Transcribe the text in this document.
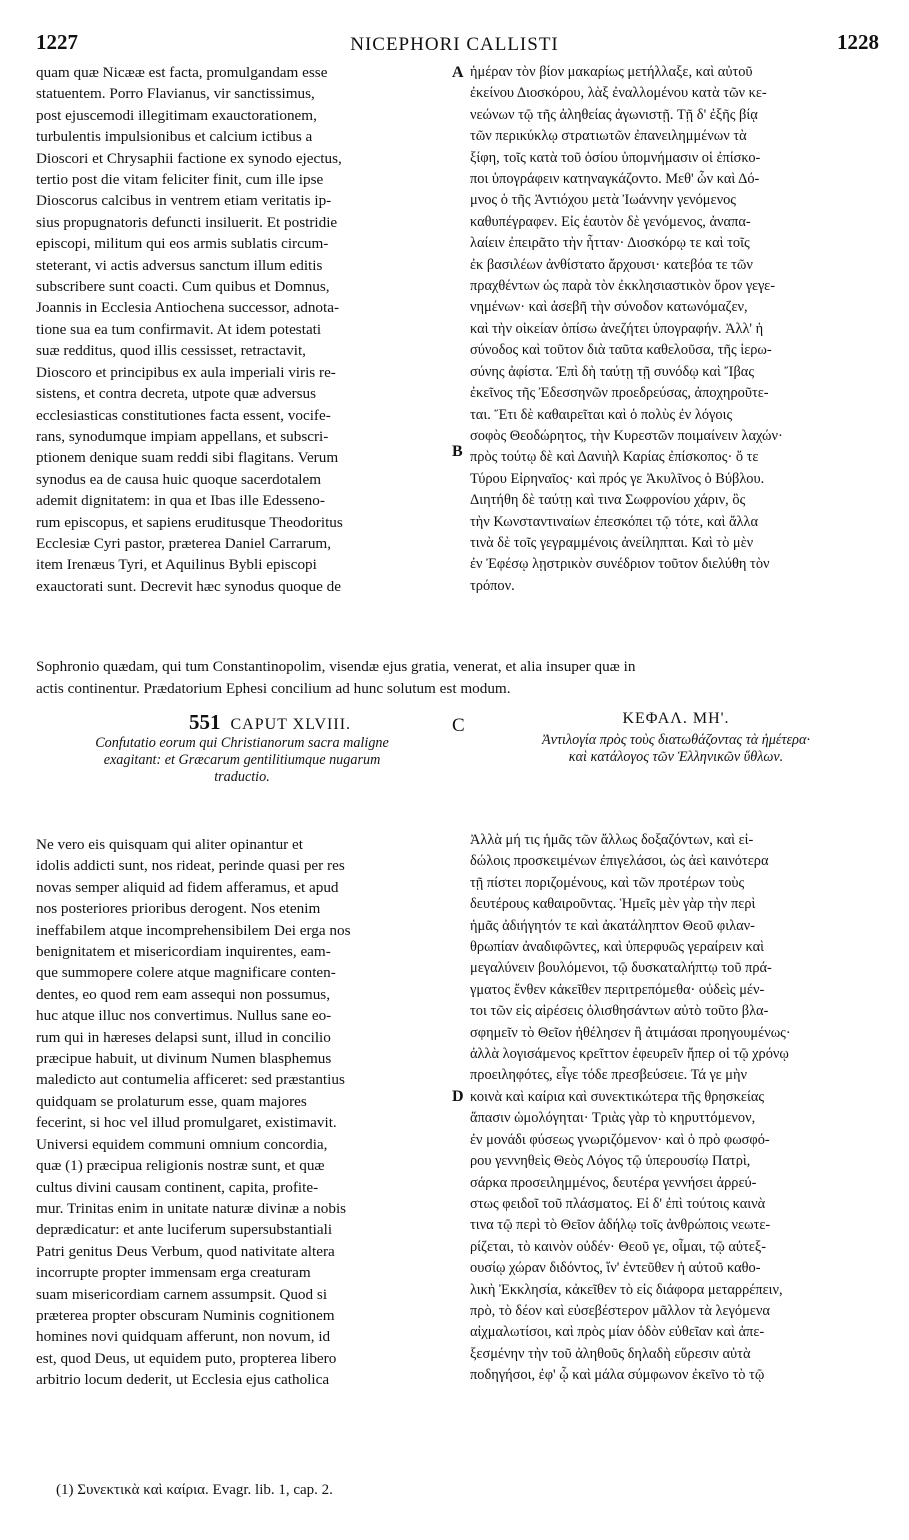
1227	NICEPHORI CALLISTI	1228
A
B
C
D
quam quæ Nicææ est facta, promulgandam esse
statuentem. Porro Flavianus, vir sanctissimus,
post ejuscemodi illegitimam exauctorationem,
turbulentis impulsionibus et calcium ictibus a
Dioscori et Chrysaphii factione ex synodo ejectus,
tertio post die vitam feliciter finit, cum ille ipse
Dioscorus calcibus in ventrem etiam veritatis ip-
sius propugnatoris defuncti insiluerit. Et postridie
episcopi, militum qui eos armis sublatis circum-
steterant, vi actis adversus sanctum illum editis
subscribere sunt coacti. Cum quibus et Domnus,
Joannis in Ecclesia Antiochena successor, adnota-
tione sua ea tum confirmavit. At idem potestati
suæ redditus, quod illis cessisset, retractavit,
Dioscoro et principibus ex aula imperiali viris re-
sistens, et contra decreta, utpote quæ adversus
ecclesiasticas constitutiones facta essent, vocife-
rans, synodumque impiam appellans, et subscri-
ptionem denique suam reddi sibi flagitans. Verum
synodus ea de causa huic quoque sacerdotalem
ademit dignitatem: in qua et Ibas ille Edesseno-
rum episcopus, et sapiens eruditusque Theodoritus
Ecclesiæ Cyri pastor, præterea Daniel Carrarum,
item Irenæus Tyri, et Aquilinus Bybli episcopi
exauctorati sunt. Decrevit hæc synodus quoque de
ἡμέραν τὸν βίον μακαρίως μετήλλαξε, καὶ αὐτοῦ
ἐκείνου Διοσκόρου, λὰξ ἐναλλομένου κατὰ τῶν κε-
νεώνων τῷ τῆς ἀληθείας ἀγωνιστῇ. Τῇ δ' ἐξῆς βίᾳ
τῶν περικύκλῳ στρατιωτῶν ἐπανειλημμένων τὰ
ξίφη, τοῖς κατὰ τοῦ ὁσίου ὑπομνήμασιν οἱ ἐπίσκο-
ποι ὑπογράφειν κατηναγκάζοντο. Μεθ' ὧν καὶ Δό-
μνος ὁ τῆς Ἀντιόχου μετὰ Ἰωάννην γενόμενος
καθυπέγραφεν. Εἰς ἑαυτὸν δὲ γενόμενος, ἀναπα-
λαίειν ἐπειρᾶτο τὴν ἧτταν· Διοσκόρῳ τε καὶ τοῖς
ἐκ βασιλέων ἀνθίστατο ἄρχουσι· κατεβόα τε τῶν
πραχθέντων ὡς παρὰ τὸν ἐκκλησιαστικὸν ὅρον γεγε-
νημένων· καὶ ἀσεβῆ τὴν σύνοδον κατωνόμαζεν,
καὶ τὴν οἰκείαν ὀπίσω ἀνεζήτει ὑπογραφήν. Ἀλλ' ἡ
σύνοδος καὶ τοῦτον διὰ ταῦτα καθελοῦσα, τῆς ἱερω-
σύνης ἀφίστα. Ἐπὶ δὴ ταύτῃ τῇ συνόδῳ καὶ Ἴβας
ἐκεῖνος τῆς Ἐδεσσηνῶν προεδρεύσας, ἀποχηροῦτε-
ται. Ἔτι δὲ καθαιρεῖται καὶ ὁ πολὺς ἐν λόγοις
σοφὸς Θεοδώρητος, τὴν Κυρεστῶν ποιμαίνειν λαχών·
πρὸς τούτῳ δὲ καὶ Δανιὴλ Καρίας ἐπίσκοπος· ὅ τε
Τύρου Εἰρηναῖος· καὶ πρός γε Ἀκυλῖνος ὁ Βύβλου.
Διητήθη δὲ ταύτῃ καὶ τινα Σωφρονίου χάριν, ὃς
τὴν Κωνσταντιναίων ἐπεσκόπει τῷ τότε, καὶ ἄλλα
τινὰ δὲ τοῖς γεγραμμένοις ἀνείληπται. Καὶ τὸ μὲν
ἐν Ἐφέσῳ λῃστρικὸν συνέδριον τοῦτον διελύθη τὸν
τρόπον.
Sophronio quædam, qui tum Constantinopolim, visendæ ejus gratia, venerat, et alia insuper quæ in
actis continentur. Prædatorium Ephesi concilium ad hunc solutum est modum.
551 CAPUT XLVIII.
Confutatio eorum qui Christianorum sacra maligne
exagitant: et Græcarum gentilitiumque nugarum
traductio.
ΚΕΦΑΛ. ΜΗ'.
Ἀντιλογία πρὸς τοὺς διατωθάζοντας τὰ ἡμέτερα·
καὶ κατάλογος τῶν Ἑλληνικῶν ὕθλων.
Ne vero eis quisquam qui aliter opinantur et
idolis addicti sunt, nos rideat, perinde quasi per res
novas semper aliquid ad fidem afferamus, et apud
nos posteriores prioribus derogent. Nos etenim
ineffabilem atque incomprehensibilem Dei erga nos
benignitatem et misericordiam inquirentes, eam-
que summopere colere atque magnificare conten-
dentes, eo quod rem eam assequi non possumus,
huc atque illuc nos convertimus. Nullus sane eo-
rum qui in hæreses delapsi sunt, illud in concilio
præcipue habuit, ut divinum Numen blasphemus
maledicto aut contumelia afficeret: sed præstantius
quidquam se prolaturum esse, quam majores
fecerint, si hoc vel illud promulgaret, existimavit.
Universi equidem communi omnium concordia,
quæ (1) præcipua religionis nostræ sunt, et quæ
cultus divini causam continent, capita, profite-
mur. Trinitas enim in unitate naturæ divinæ a nobis
deprædicatur: et ante luciferum supersubstantiali
Patri genitus Deus Verbum, quod nativitate altera
incorrupte propter immensam erga creaturam
suam misericordiam carnem assumpsit. Quod si
præterea propter obscuram Numinis cognitionem
homines novi quidquam afferunt, non novum, id
est, quod Deus, ut equidem puto, propterea libero
arbitrio locum dederit, ut Ecclesia ejus catholica
Ἀλλὰ μή τις ἡμᾶς τῶν ἄλλως δοξαζόντων, καὶ εἰ-
δώλοις προσκειμένων ἐπιγελάσοι, ὡς ἀεὶ καινότερα
τῇ πίστει ποριζομένους, καὶ τῶν προτέρων τοὺς
δευτέρους καθαιροῦντας. Ἡμεῖς μὲν γὰρ τὴν περὶ
ἡμᾶς ἀδιήγητόν τε καὶ ἀκατάληπτον Θεοῦ φιλαν-
θρωπίαν ἀναδιφῶντες, καὶ ὑπερφυῶς γεραίρειν καὶ
μεγαλύνειν βουλόμενοι, τῷ δυσκαταλήπτῳ τοῦ πρά-
γματος ἔνθεν κἀκεῖθεν περιτρεπόμεθα· οὐδεὶς μέν-
τοι τῶν εἰς αἱρέσεις ὀλισθησάντων αὐτὸ τοῦτο βλα-
σφημεῖν τὸ Θεῖον ἠθέλησεν ἢ ἀτιμάσαι προηγουμένως·
ἀλλὰ λογισάμενος κρεῖττον ἐφευρεῖν ἤπερ οἱ τῷ χρόνῳ
προειληφότες, εἶγε τόδε πρεσβεύσειε. Τά γε μὴν
κοινὰ καὶ καίρια καὶ συνεκτικώτερα τῆς θρησκείας
ἅπασιν ὡμολόγηται· Τριὰς γὰρ τὸ κηρυττόμενον,
ἐν μονάδι φύσεως γνωριζόμενον· καὶ ὁ πρὸ φωσφό-
ρου γεννηθεὶς Θεὸς Λόγος τῷ ὑπερουσίῳ Πατρὶ,
σάρκα προσειλημμένος, δευτέρα γεννήσει ἀρρεύ-
στως φειδοῖ τοῦ πλάσματος. Εἰ δ' ἐπὶ τούτοις καινὰ
τινα τῷ περὶ τὸ Θεῖον ἀδήλῳ τοῖς ἀνθρώποις νεωτε-
ρίζεται, τὸ καινὸν οὐδέν· Θεοῦ γε, οἶμαι, τῷ αὐτεξ-
ουσίῳ χώραν διδόντος, ἵν' ἐντεῦθεν ἡ αὐτοῦ καθο-
λικὴ Ἐκκλησία, κἀκεῖθεν τὸ εἰς διάφορα μεταρρέπειν,
πρὸ, τὸ δέον καὶ εὐσεβέστερον μᾶλλον τὰ λεγόμενα
αἰχμαλωτίσοι, καὶ πρὸς μίαν ὁδὸν εὐθεῖαν καὶ ἀπε-
ξεσμένην τὴν τοῦ ἀληθοῦς δηλαδὴ εὕρεσιν αὐτὰ
ποδηγήσοι, ἐφ' ᾧ καὶ μάλα σύμφωνον ἐκεῖνο τὸ τῷ
(1) Συνεκτικὰ καὶ καίρια. Evagr. lib. 1, cap. 2.
